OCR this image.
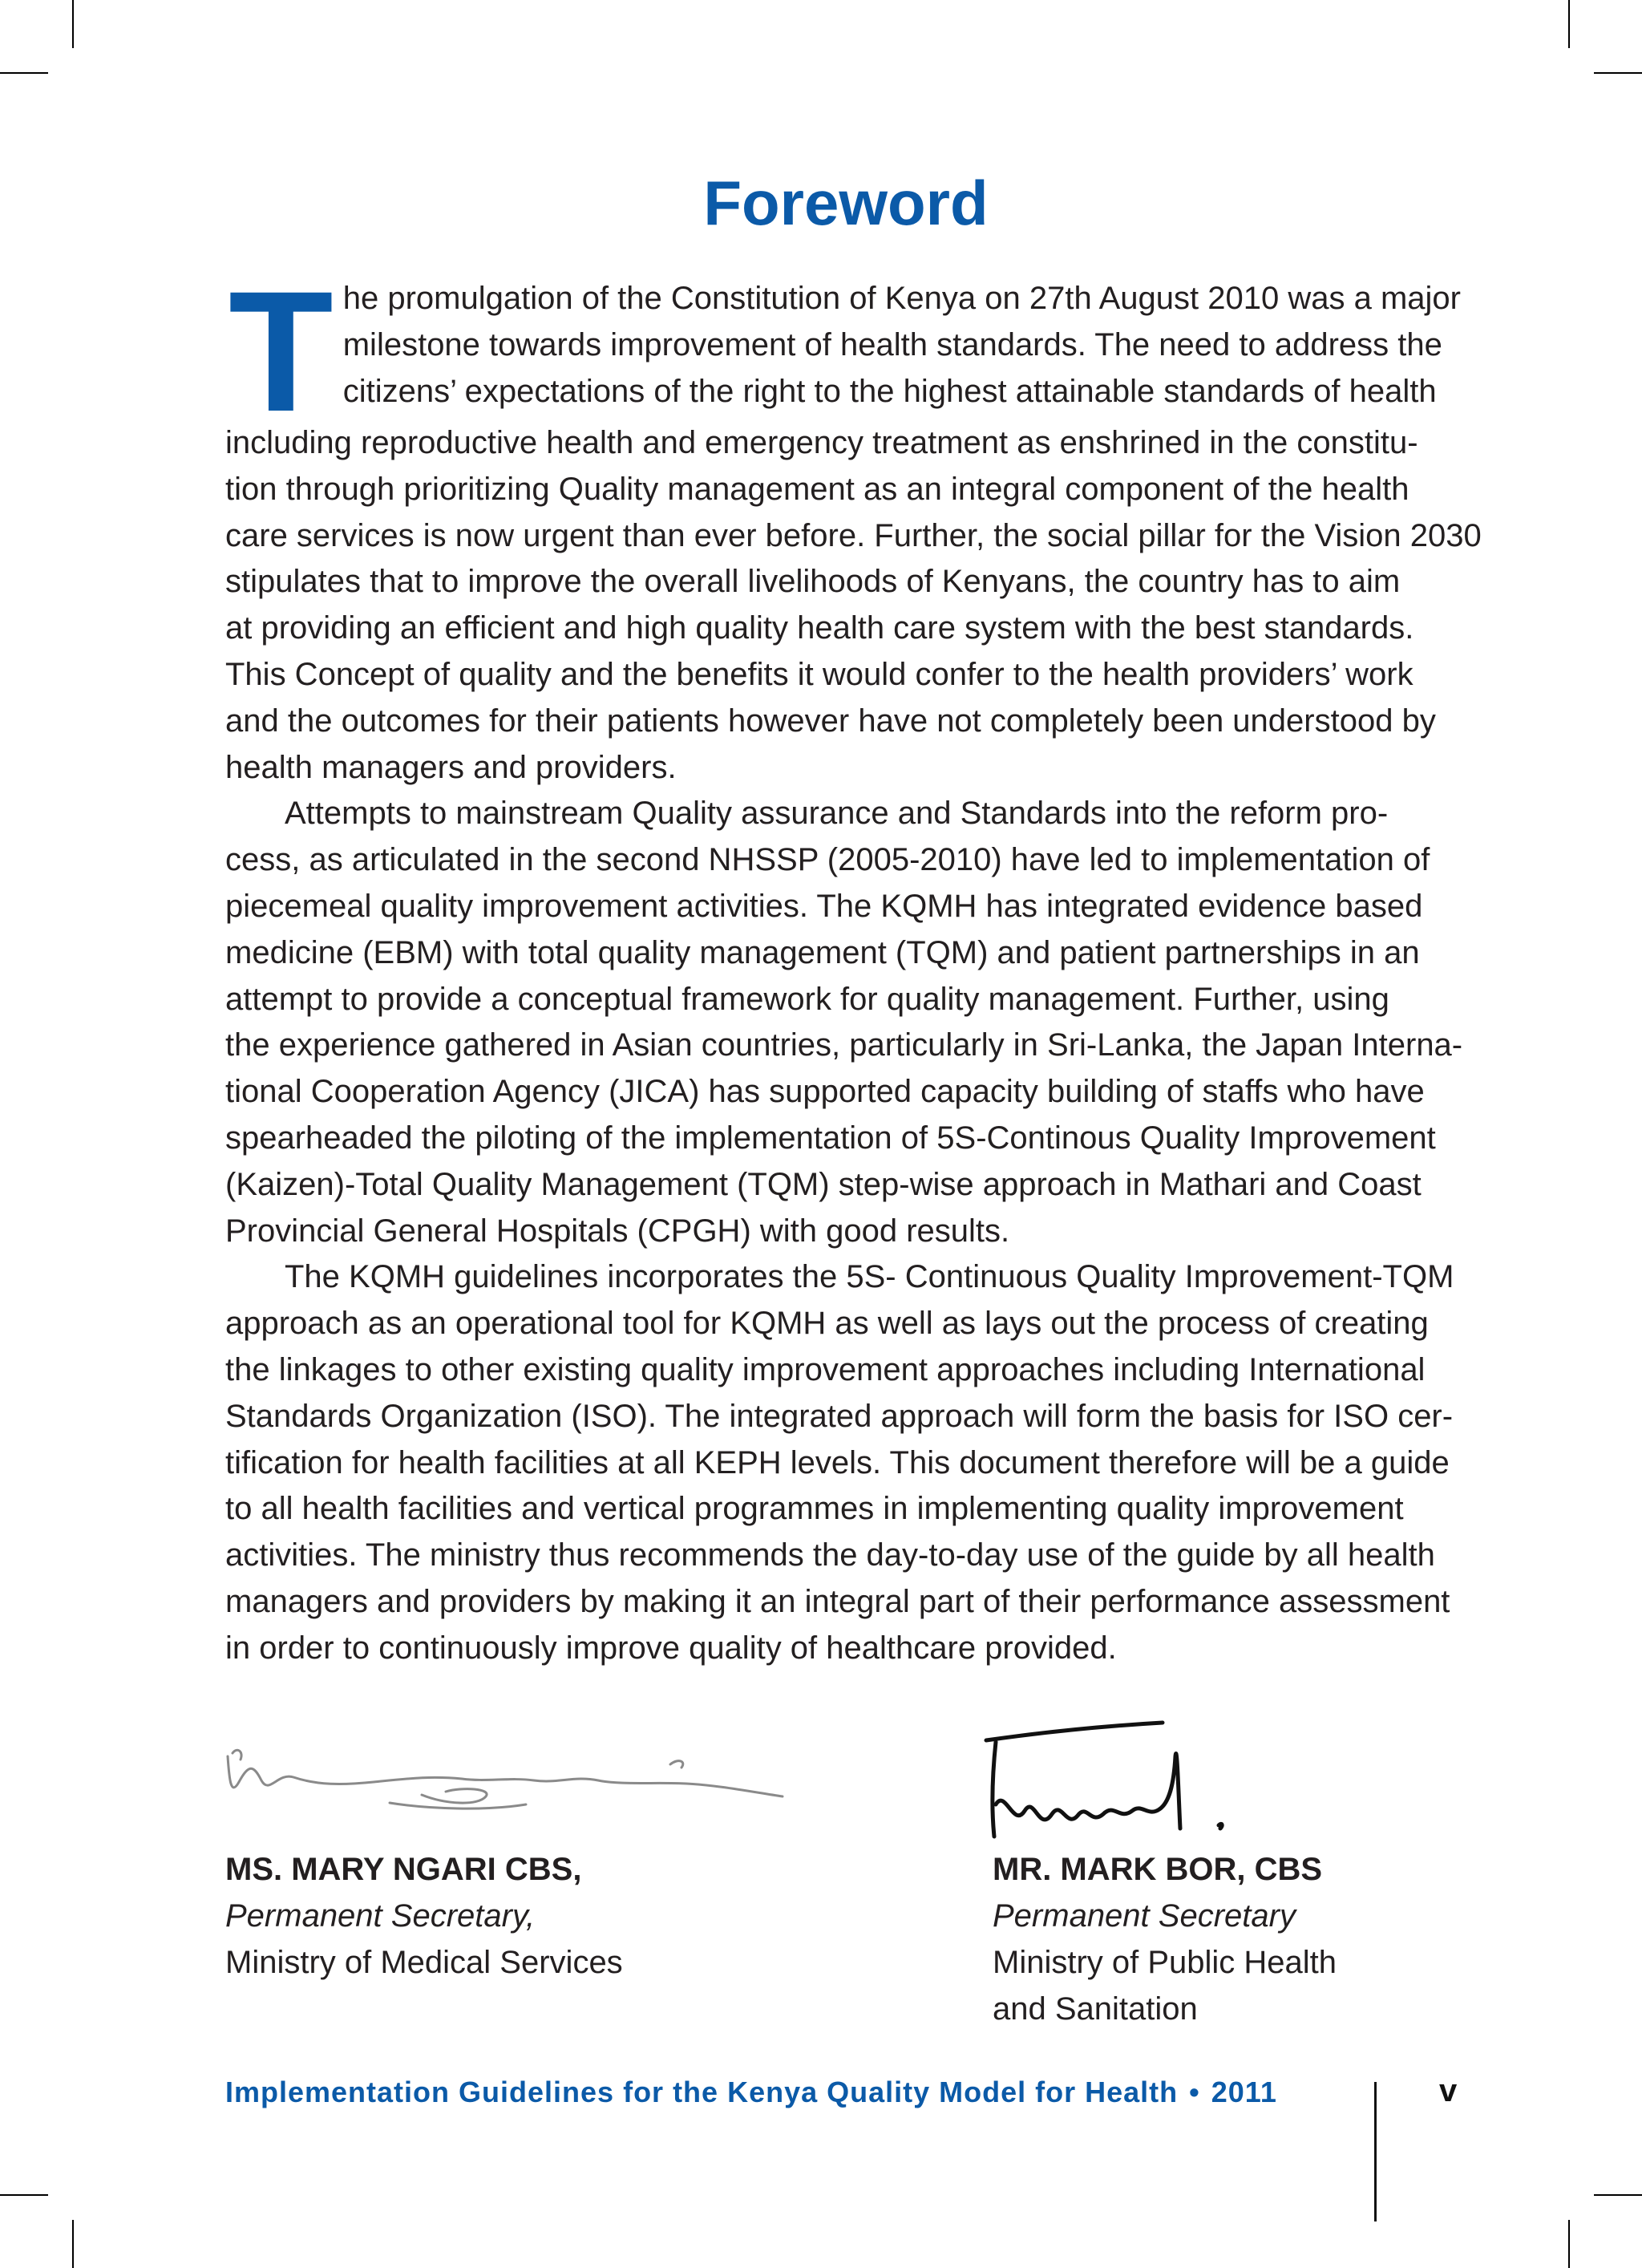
Foreword
T he promulgation of the Constitution of Kenya on 27th August 2010 was a major
milestone towards improvement of health standards. The need to address the
citizens’ expectations of the right to the highest attainable standards of health
including reproductive health and emergency treatment as enshrined in the constitu-
tion through prioritizing Quality management as an integral component of the health
care services is now urgent than ever before. Further, the social pillar for the Vision 2030
stipulates that to improve the overall livelihoods of Kenyans, the country has to aim
at providing an efficient and high quality health care system with the best standards.
This Concept of quality and the benefits it would confer to the health providers’ work
and the outcomes for their patients however have not completely been understood by
health managers and providers.
Attempts to mainstream Quality assurance and Standards into the reform pro-
cess, as articulated in the second NHSSP (2005-2010) have led to implementation of
piecemeal quality improvement activities. The KQMH has integrated evidence based
medicine (EBM) with total quality management (TQM) and patient partnerships in an
attempt to provide a conceptual framework for quality management. Further, using
the experience gathered in Asian countries, particularly in Sri-Lanka, the Japan Interna-
tional Cooperation Agency (JICA) has supported capacity building of staffs who have
spearheaded the piloting of the implementation of 5S-Continous Quality Improvement
(Kaizen)-Total Quality Management (TQM) step-wise approach in Mathari and Coast
Provincial General Hospitals (CPGH) with good results.
The KQMH guidelines incorporates the 5S- Continuous Quality Improvement-TQM
approach as an operational tool for KQMH as well as lays out the process of creating
the linkages to other existing quality improvement approaches including International
Standards Organization (ISO). The integrated approach will form the basis for ISO cer-
tification for health facilities at all KEPH levels. This document therefore will be a guide
to all health facilities and vertical programmes in implementing quality improvement
activities. The ministry thus recommends the day-to-day use of the guide by all health
managers and providers by making it an integral part of their performance assessment
in order to continuously improve quality of healthcare provided.
MS. MARY NGARI CBS,
Permanent Secretary,
Ministry of Medical Services
MR. MARK BOR, CBS
Permanent Secretary
Ministry of Public Health
and Sanitation
Implementation Guidelines for the Kenya Quality Model for Health • 2011	v
